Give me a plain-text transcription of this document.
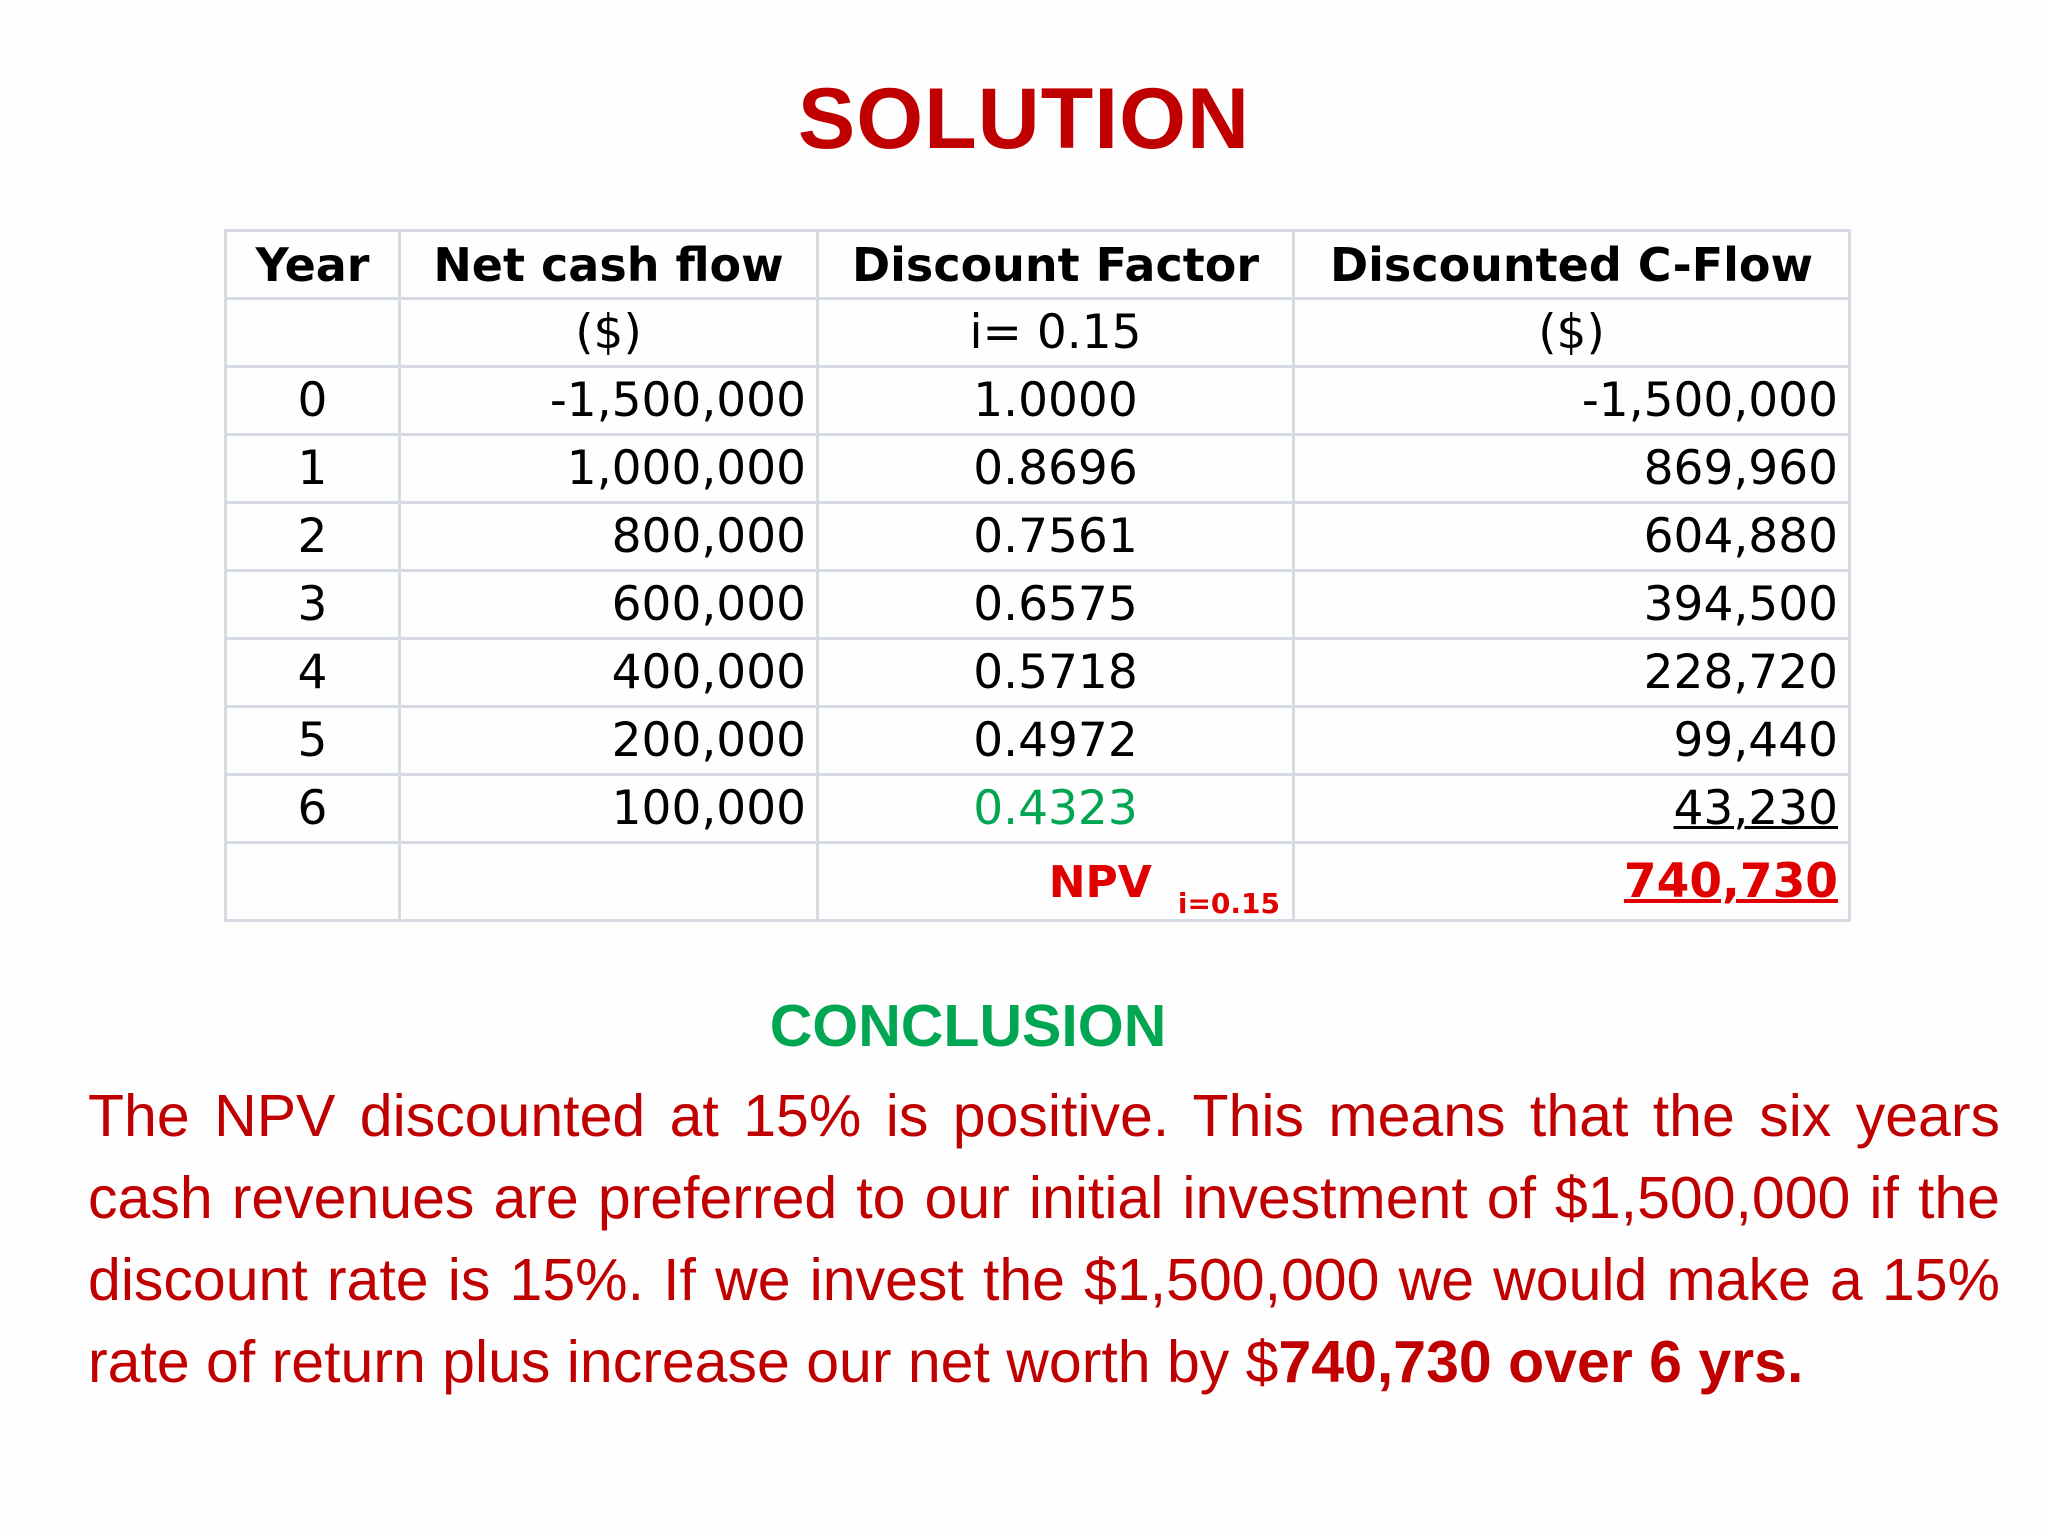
SOLUTION
Year	Net cash flow	Discount Factor	Discounted C-Flow
	($)	i= 0.15	($)
0	-1,500,000	1.0000	-1,500,000
1	1,000,000	0.8696	869,960
2	800,000	0.7561	604,880
3	600,000	0.6575	394,500
4	400,000	0.5718	228,720
5	200,000	0.4972	99,440
6	100,000	0.4323	43,230
		NPV $_{i=0.15}$	740,730
CONCLUSION
The NPV discounted at 15% is positive. This means that the six years cash revenues are preferred to our initial investment of $1,500,000 if the discount rate is 15%. If we invest the $1,500,000 we would make a 15% rate of return plus increase our net worth by $740,730 over 6 yrs.
